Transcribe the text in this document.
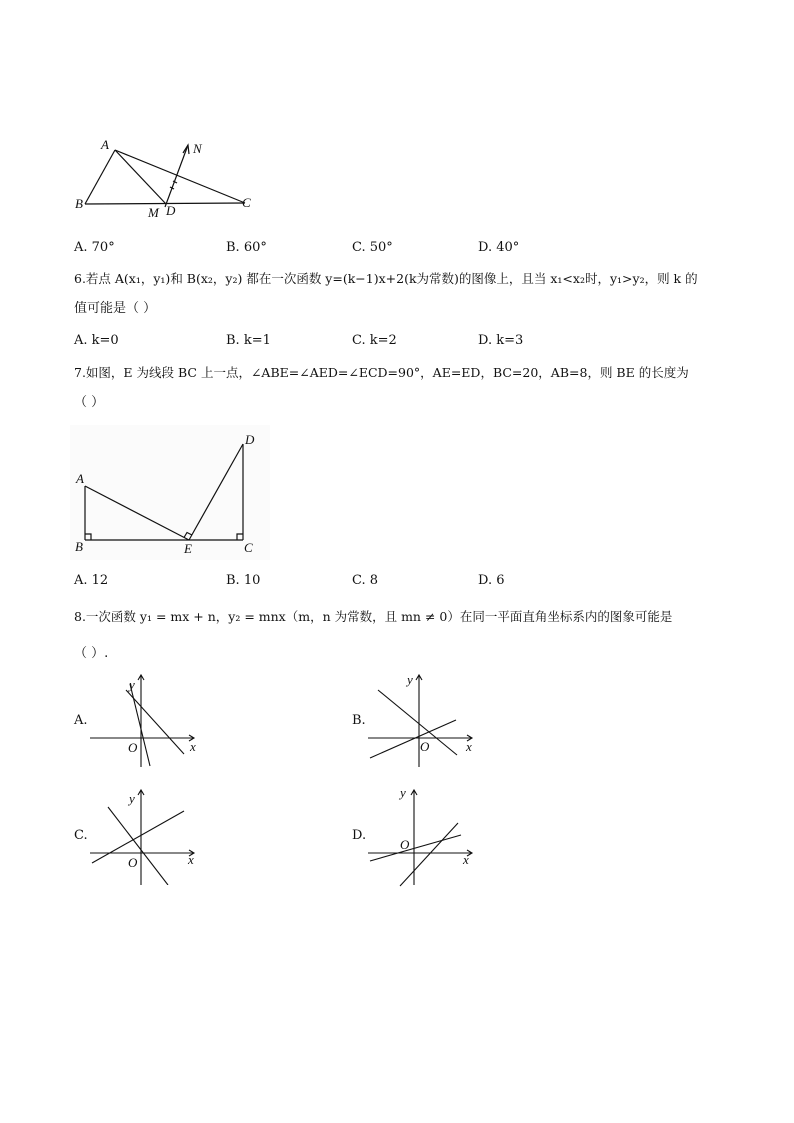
A
B	C
M D
N
A. 70°	B. 60°	C. 50°	D. 40°
6.若点 A(x₁，y₁)和 B(x₂，y₂) 都在一次函数 y=(k−1)x+2(k为常数)的图像上，且当 x₁<x₂时，y₁>y₂，则 k 的
值可能是（ ）
A. k=0	B. k=1	C. k=2	D. k=3
7.如图，E 为线段 BC 上一点，∠ABE=∠AED=∠ECD=90°，AE=ED，BC=20，AB=8，则 BE 的长度为
（ ）
A
B	C
D
E
A. 12	B. 10	C. 8	D. 6
8.一次函数 y₁ = mx + n，y₂ = mnx（m，n 为常数，且 mn ≠ 0）在同一平面直角坐标系内的图象可能是
（ ）.
A.
y
x
O
B.
y
x
O
C.
y
x
O
D.
y
x
O
